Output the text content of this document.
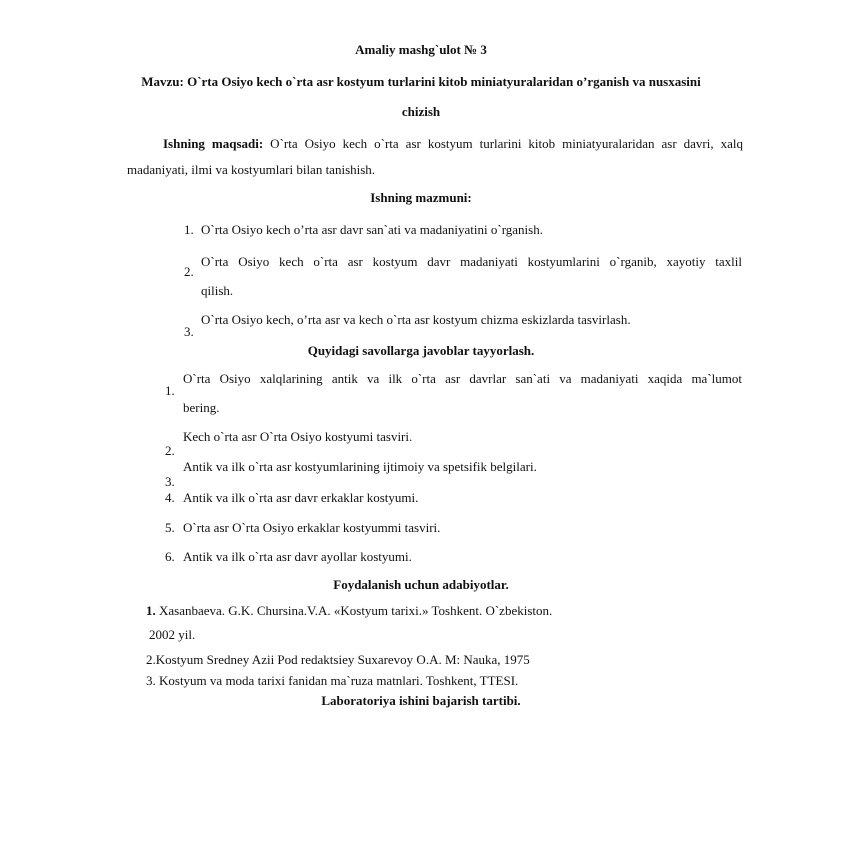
Amaliy mashg`ulot № 3
Mavzu: O`rta Osiyo kech o`rta asr kostyum turlarini kitob miniatyuralaridan o’rganish va nusxasini
chizish
Ishning maqsadi: O`rta Osiyo kech o`rta asr kostyum turlarini kitob miniatyuralaridan asr davri, xalq
madaniyati, ilmi va kostyumlari bilan tanishish.
Ishning mazmuni:
1. O`rta Osiyo kech o’rta asr davr san`ati va madaniyatini o`rganish.
2.
O`rta Osiyo kech o`rta asr kostyum davr madaniyati kostyumlarini o`rganib, xayotiy taxlil
qilish.
3.
O`rta Osiyo kech, o’rta asr va kech o`rta asr kostyum chizma eskizlarda tasvirlash.
Quyidagi savollarga javoblar tayyorlash.
1.
O`rta Osiyo xalqlarining antik va ilk o`rta asr davrlar san`ati va madaniyati xaqida ma`lumot
bering.
2.
Kech o`rta asr O`rta Osiyo kostyumi tasviri.
3.
Antik va ilk o`rta asr kostyumlarining ijtimoiy va spetsifik belgilari.
4. Antik va ilk o`rta asr davr erkaklar kostyumi.
5. O`rta asr O`rta Osiyo erkaklar kostyummi tasviri.
6. Antik va ilk o`rta asr davr ayollar kostyumi.
Foydalanish uchun adabiyotlar.
1. Xasanbaeva. G.K. Chursina.V.A. «Kostyum tarixi.» Toshkent. O`zbekiston.
2002 yil.
2.Kostyum Sredney Azii Pod redaktsiey Suxarevoy O.A. M: Nauka, 1975
3. Kostyum va moda tarixi fanidan ma`ruza matnlari. Toshkent, TTESI.
Laboratoriya ishini bajarish tartibi.
